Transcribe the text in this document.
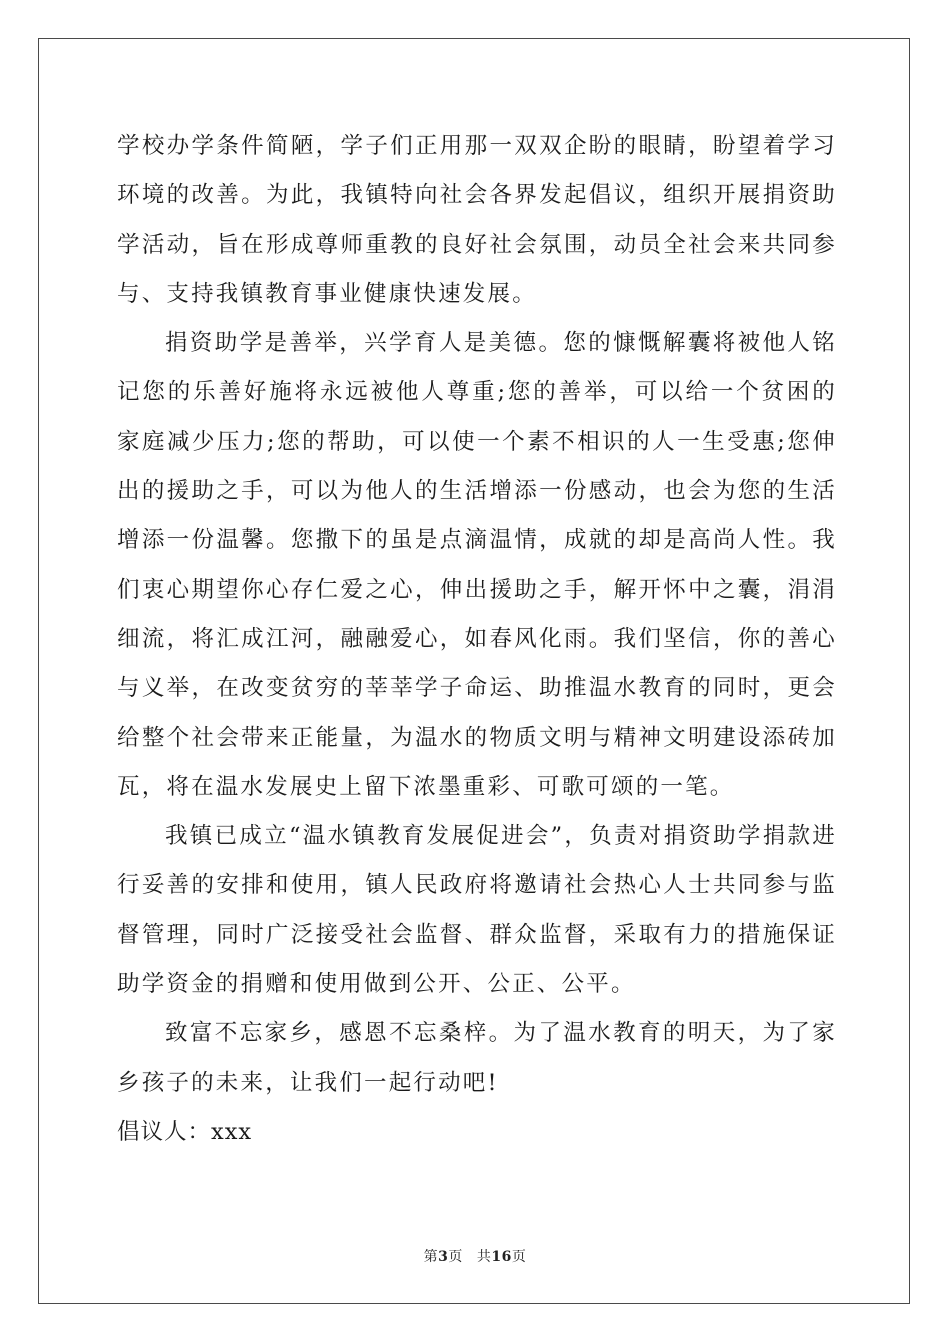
学校办学条件简陋，学子们正用那一双双企盼的眼睛，盼望着学习环境的改善。为此，我镇特向社会各界发起倡议，组织开展捐资助学活动，旨在形成尊师重教的良好社会氛围，动员全社会来共同参与、支持我镇教育事业健康快速发展。

捐资助学是善举，兴学育人是美德。您的慷慨解囊将被他人铭记您的乐善好施将永远被他人尊重;您的善举，可以给一个贫困的家庭减少压力;您的帮助，可以使一个素不相识的人一生受惠;您伸出的援助之手，可以为他人的生活增添一份感动，也会为您的生活增添一份温馨。您撒下的虽是点滴温情，成就的却是高尚人性。我们衷心期望你心存仁爱之心，伸出援助之手，解开怀中之囊，涓涓细流，将汇成江河，融融爱心，如春风化雨。我们坚信，你的善心与义举，在改变贫穷的莘莘学子命运、助推温水教育的同时，更会给整个社会带来正能量，为温水的物质文明与精神文明建设添砖加瓦，将在温水发展史上留下浓墨重彩、可歌可颂的一笔。

我镇已成立“温水镇教育发展促进会”，负责对捐资助学捐款进行妥善的安排和使用，镇人民政府将邀请社会热心人士共同参与监督管理，同时广泛接受社会监督、群众监督，采取有力的措施保证助学资金的捐赠和使用做到公开、公正、公平。

致富不忘家乡，感恩不忘桑梓。为了温水教育的明天，为了家乡孩子的未来，让我们一起行动吧!

倡议人：xxx

第3页 共16页
